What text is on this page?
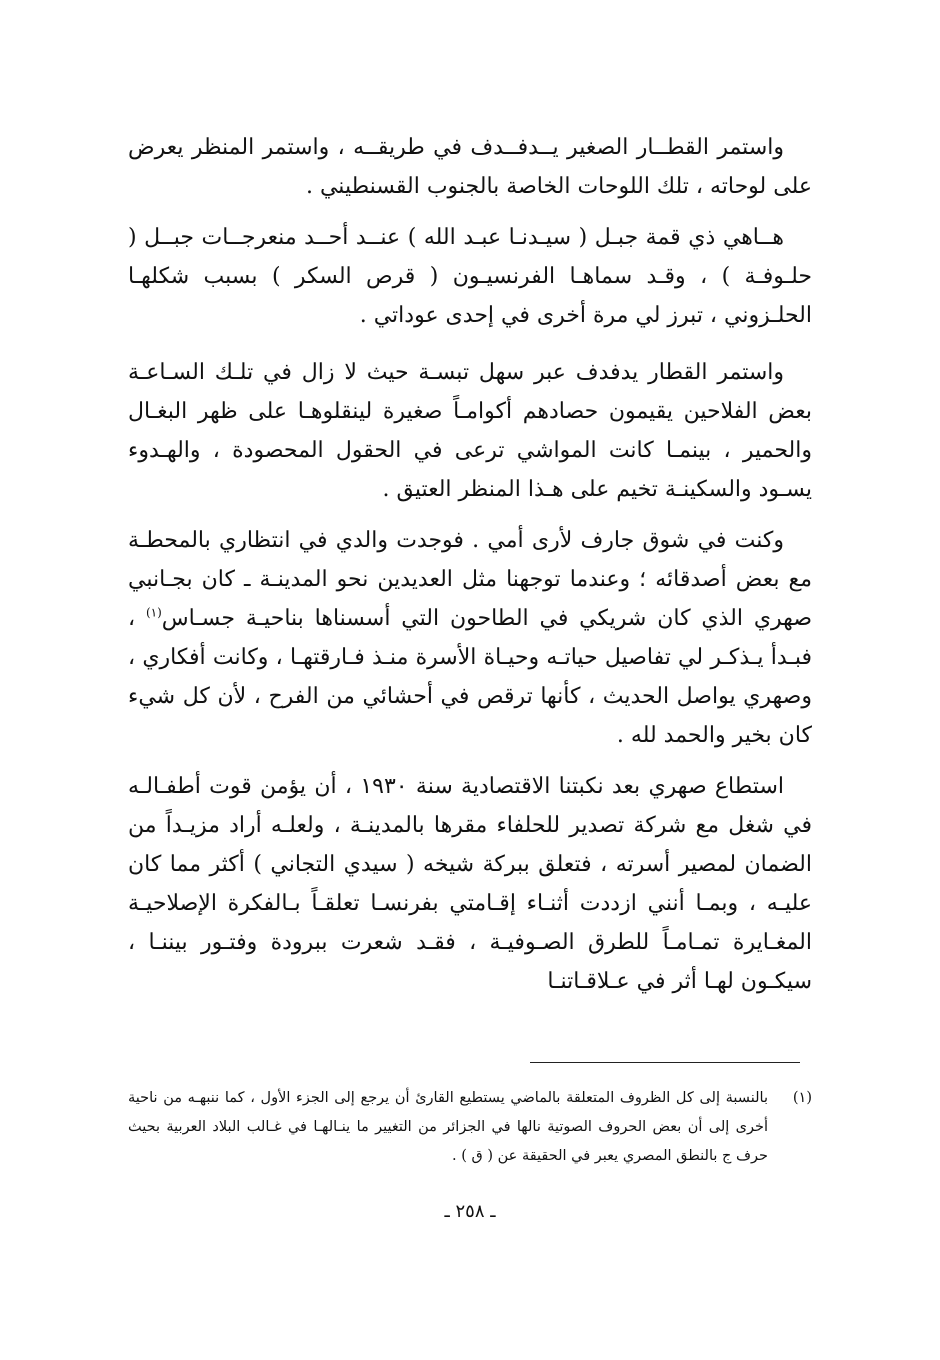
واستمر القطــار الصغير يــدفــدف في طريقــه ، واستمر المنظر يعرض على لوحاته ، تلك اللوحات الخاصة بالجنوب القسنطيني .

هــاهي ذي قمة جبـل ( سيـدنـا عبـد الله ) عنــد أحــد منعرجــات جبــل ( حلـوفـة ) ، وقـد سماهـا الفرنسيـون ( قرص السكر ) بسبب شكلهـا الحلـزوني ، تبرز لي مرة أخرى في إحدى عوداتي .

واستمر القطار يدفدف عبر سهل تبسـة حيث لا زال في تلـك السـاعـة بعض الفلاحين يقيمون حصادهم أكوامـاً صغيرة لينقلوهـا على ظهر البغـال والحمير ، بينمـا كانت المواشي ترعى في الحقول المحصودة ، والهـدوء يسـود والسكينـة تخيم على هـذا المنظر العتيق .

وكنت في شوق جارف لأرى أمي . فوجدت والدي في انتظاري بالمحطـة مع بعض أصدقائه ؛ وعندما توجهنا مثل العديدين نحو المدينـة ـ كان بجـانبي صهري الذي كان شريكي في الطاحون التي أسسناها بناحيـة جسـاس$^{(١)}$ ، فبـدأ يـذكـر لي تفاصيل حياتـه وحيـاة الأسرة منـذ فـارقتهـا ، وكانت أفكاري ، وصهري يواصل الحديث ، كأنها ترقص في أحشائي من الفرح ، لأن كل شيء كان بخير والحمد لله .

استطاع صهري بعد نكبتنا الاقتصادية سنة ١٩٣٠ ، أن يؤمن قوت أطفـالـه في شغل مع شركة تصدير للحلفاء مقرها بالمدينـة ، ولعلـه أراد مزيـداً من الضمان لمصير أسرته ، فتعلق ببركة شيخه ( سيدي التجاني ) أكثر مما كان عليـه ، وبمـا أنني ازددت أثنـاء إقـامتي بفرنسـا تعلقـاً بـالفكرة الإصلاحيـة المغـايرة تمـامـاً للطرق الصـوفيـة ، فقـد شعرت ببرودة وفتـور بيننـا ، سيكـون لهـا أثر في عـلاقـاتنـا

(١)
بالنسبة إلى كل الظروف المتعلقة بالماضي يستطيع القارئ أن يرجع إلى الجزء الأول ، كما ننبهـه من ناحية أخرى إلى أن بعض الحروف الصوتية نالها في الجزائر من التغيير ما ينـالهـا في غـالب البلاد العربية بحيث حرف ج بالنطق المصري يعبر في الحقيقة عن ( ق ) .
ـ ٢٥٨ ـ
